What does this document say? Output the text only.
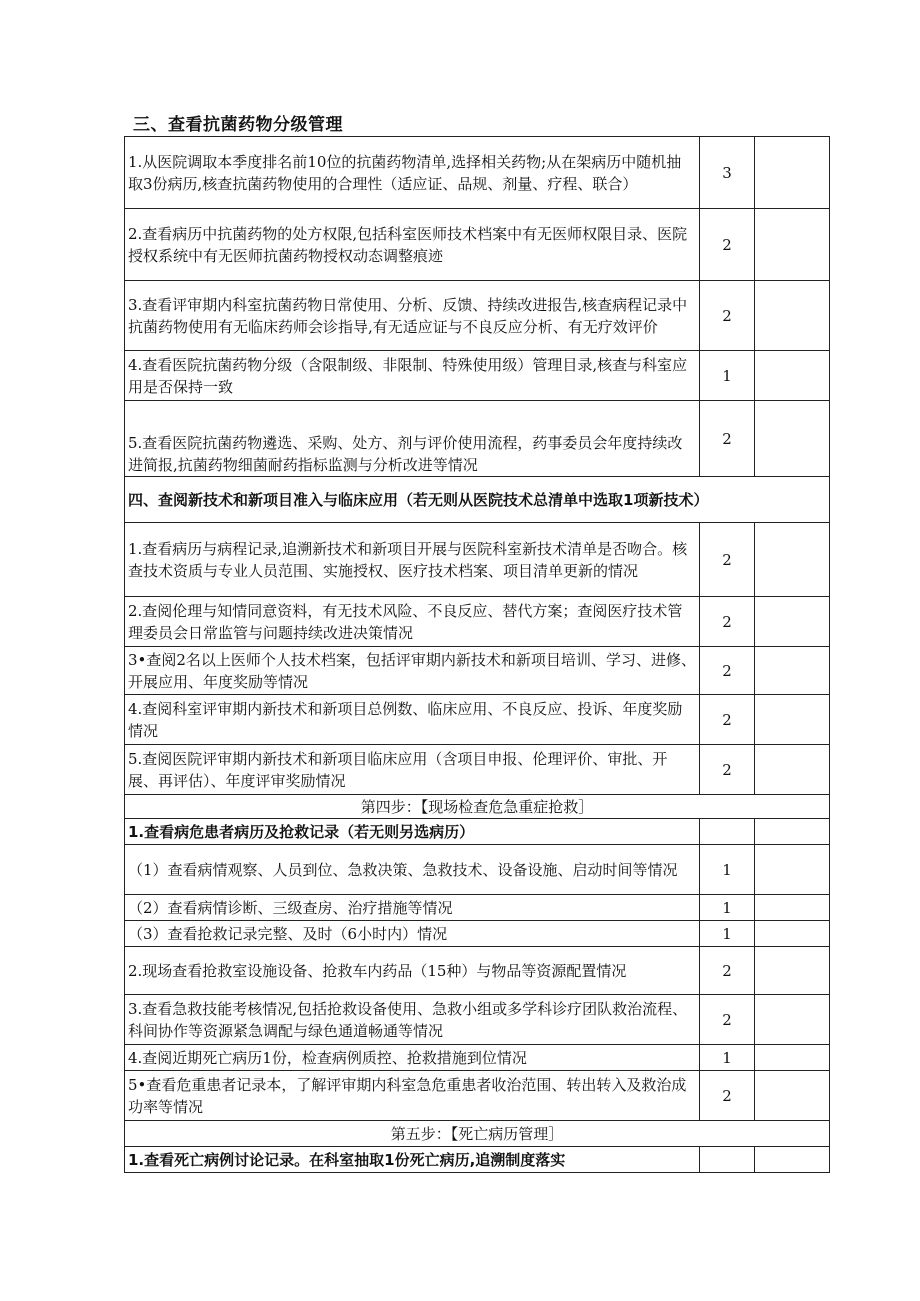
三、查看抗菌药物分级管理
1.从医院调取本季度排名前10位的抗菌药物清单,选择相关药物;从在架病历中随机抽取3份病历,核查抗菌药物使用的合理性（适应证、品规、剂量、疗程、联合）	3	
2.查看病历中抗菌药物的处方权限,包括科室医师技术档案中有无医师权限目录、医院授权系统中有无医师抗菌药物授权动态调整痕迹	2	
3.查看评审期内科室抗菌药物日常使用、分析、反馈、持续改进报告,核查病程记录中抗菌药物使用有无临床药师会诊指导,有无适应证与不良反应分析、有无疗效评价	2	
4.查看医院抗菌药物分级（含限制级、非限制、特殊使用级）管理目录,核查与科室应用是否保持一致	1	
5.查看医院抗菌药物遴选、采购、处方、剂与评价使用流程，药事委员会年度持续改进简报,抗菌药物细菌耐药指标监测与分析改进等情况	2	
四、查阅新技术和新项目准入与临床应用（若无则从医院技术总清单中选取1项新技术）		
1.查看病历与病程记录,追溯新技术和新项目开展与医院科室新技术清单是否吻合。核查技术资质与专业人员范围、实施授权、医疗技术档案、项目清单更新的情况	2	
2.查阅伦理与知情同意资料，有无技术风险、不良反应、替代方案；查阅医疗技术管理委员会日常监管与问题持续改进决策情况	2	
3•查阅2名以上医师个人技术档案，包括评审期内新技术和新项目培训、学习、进修、开展应用、年度奖励等情况	2	
4.查阅科室评审期内新技术和新项目总例数、临床应用、不良反应、投诉、年度奖励情况	2	
5.查阅医院评审期内新技术和新项目临床应用（含项目申报、伦理评价、审批、开展、再评估）、年度评审奖励情况	2	
第四步：【现场检查危急重症抢救］		
1.查看病危患者病历及抢救记录（若无则另选病历）		
（1）查看病情观察、人员到位、急救决策、急救技术、设备设施、启动时间等情况	1	
（2）查看病情诊断、三级查房、治疗措施等情况	1	
（3）查看抢救记录完整、及时（6小时内）情况	1	
2.现场查看抢救室设施设备、抢救车内药品（15种）与物品等资源配置情况	2	
3.查看急救技能考核情况,包括抢救设备使用、急救小组或多学科诊疗团队救治流程、科间协作等资源紧急调配与绿色通道畅通等情况	2	
4.查阅近期死亡病历1份，检查病例质控、抢救措施到位情况	1	
5•查看危重患者记录本，了解评审期内科室急危重患者收治范围、转出转入及救治成功率等情况	2	
第五步：【死亡病历管理］		
1.查看死亡病例讨论记录。在科室抽取1份死亡病历,追溯制度落实		
